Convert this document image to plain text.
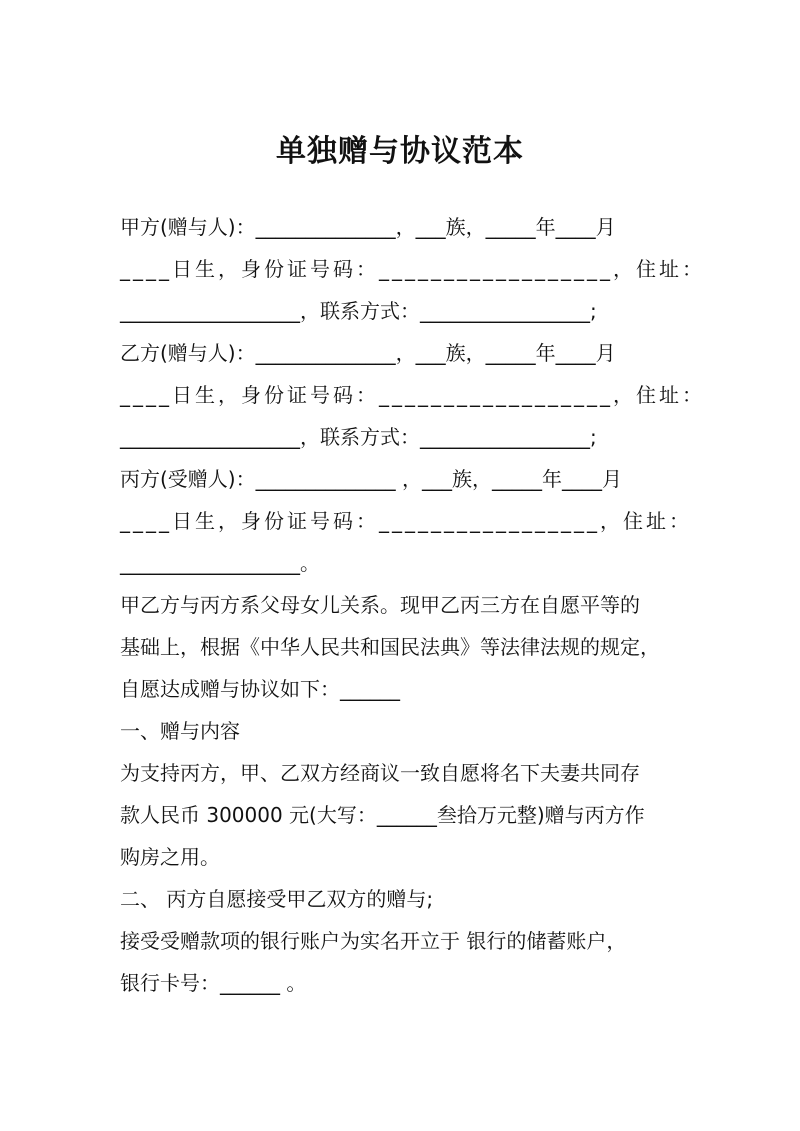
单独赠与协议范本
甲方(赠与人)：______________，___族，_____年____月
____日生，身份证号码：__________________，住址：
__________________，联系方式：_________________;
乙方(赠与人)：______________，___族，_____年____月
____日生，身份证号码：__________________，住址：
__________________，联系方式：_________________;
丙方(受赠人)：______________ ，___族，_____年____月
____日生，身份证号码：_________________，住址：
__________________。
甲乙方与丙方系父母女儿关系。现甲乙丙三方在自愿平等的
基础上，根据《中华人民共和国民法典》等法律法规的规定，
自愿达成赠与协议如下：______
一、赠与内容
为支持丙方，甲、乙双方经商议一致自愿将名下夫妻共同存
款人民币 300000 元(大写：______叁拾万元整)赠与丙方作
购房之用。
二、 丙方自愿接受甲乙双方的赠与;
接受受赠款项的银行账户为实名开立于 银行的储蓄账户，
银行卡号：______ 。
